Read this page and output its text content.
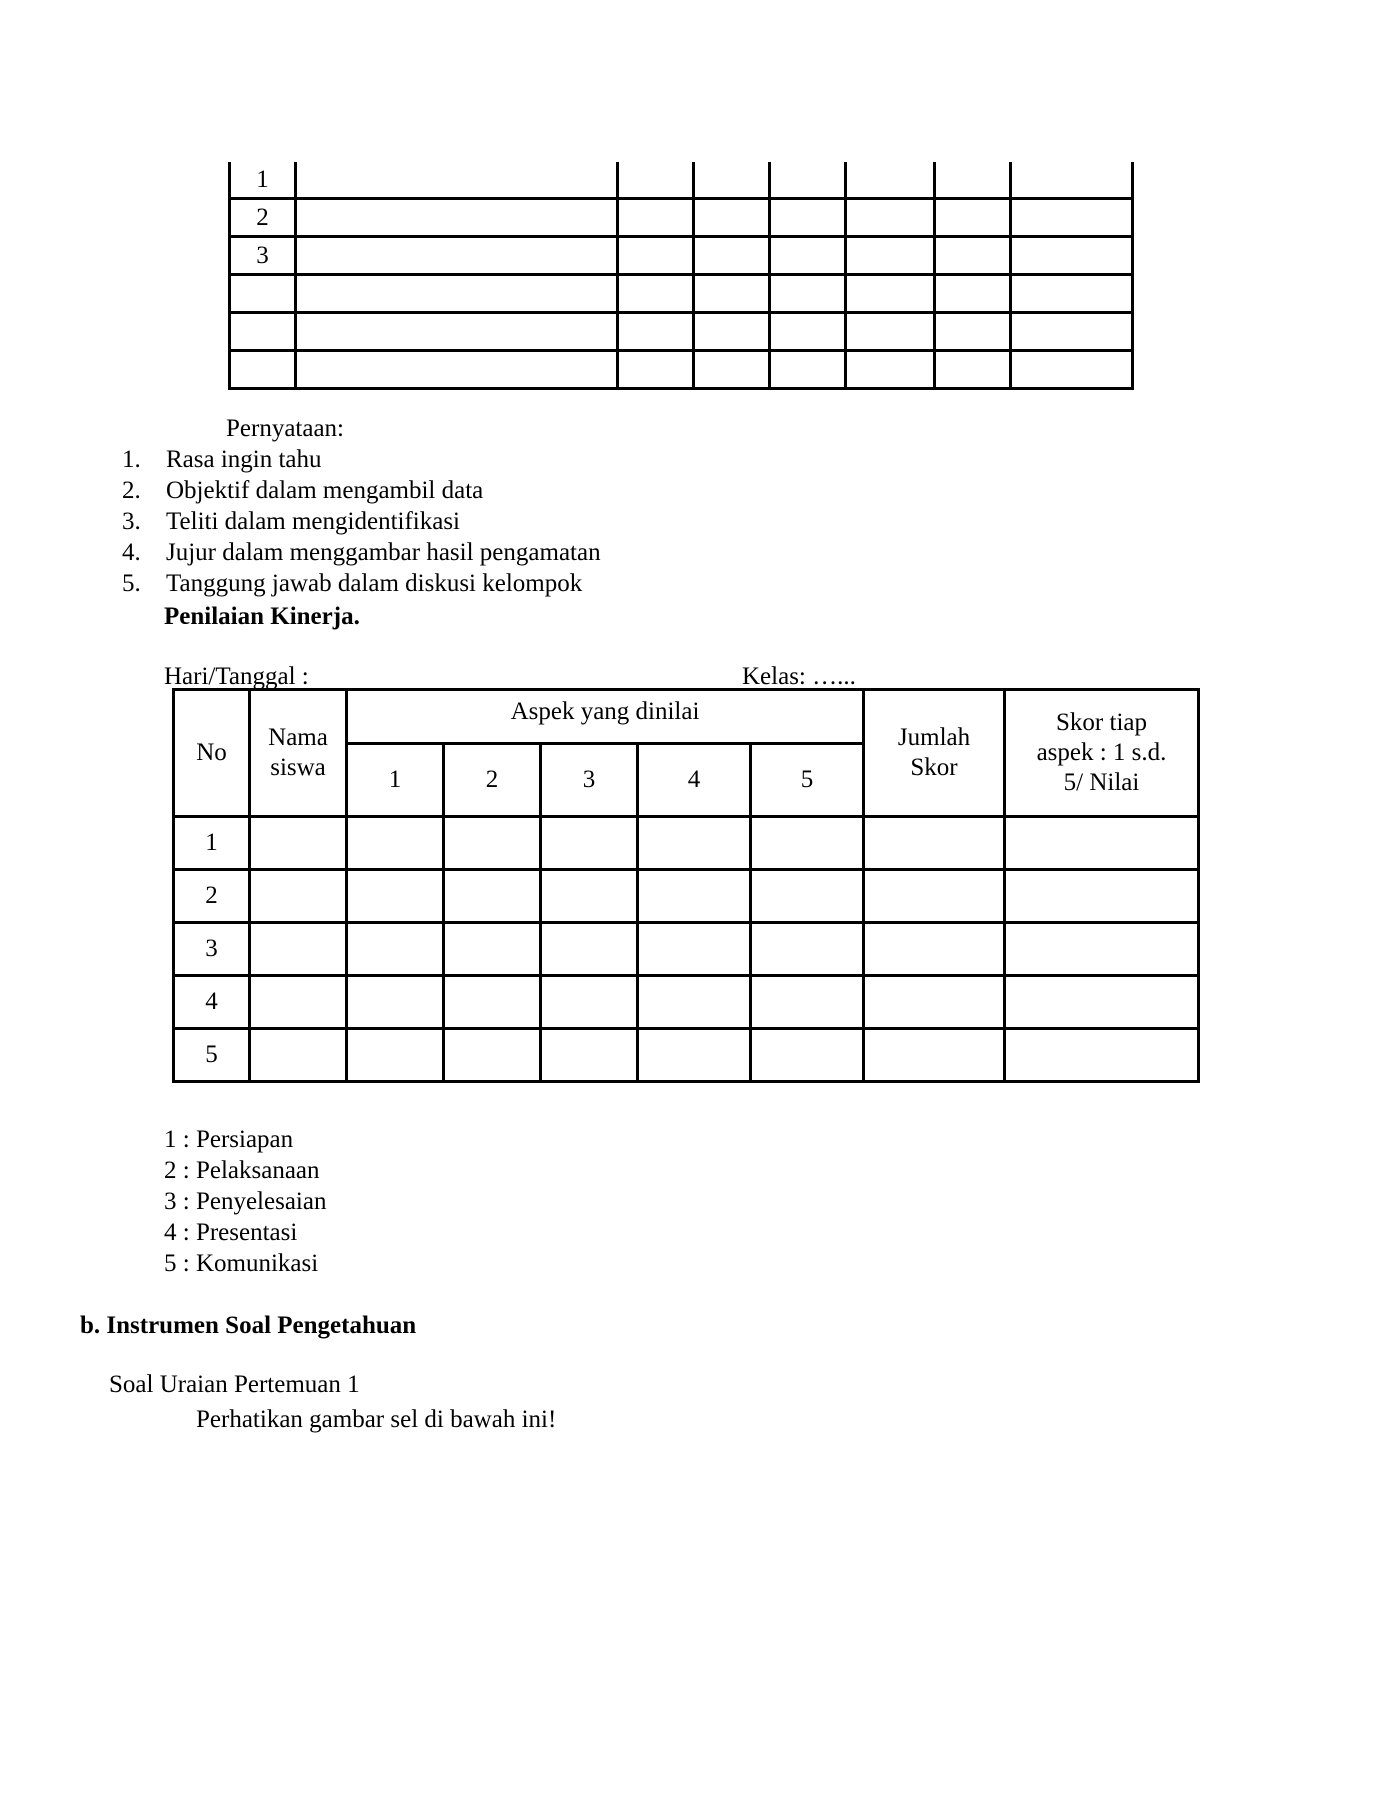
1							
2							
3							

Pernyataan:
1. Rasa ingin tahu
2. Objektif dalam mengambil data
3. Teliti dalam mengidentifikasi
4. Jujur dalam menggambar hasil pengamatan
5. Tanggung jawab dalam diskusi kelompok
Penilaian Kinerja.
Hari/Tanggal :	Kelas: …...
No	Nama siswa	Aspek yang dinilai					Jumlah Skor	Skor tiap aspek : 1 s.d. 5/ Nilai
		1	2	3	4	5		
1								
2								
3								
4								
5								
1 : Persiapan
2 : Pelaksanaan
3 : Penyelesaian
4 : Presentasi
5 : Komunikasi
b. Instrumen Soal Pengetahuan
Soal Uraian Pertemuan 1
Perhatikan gambar sel di bawah ini!
